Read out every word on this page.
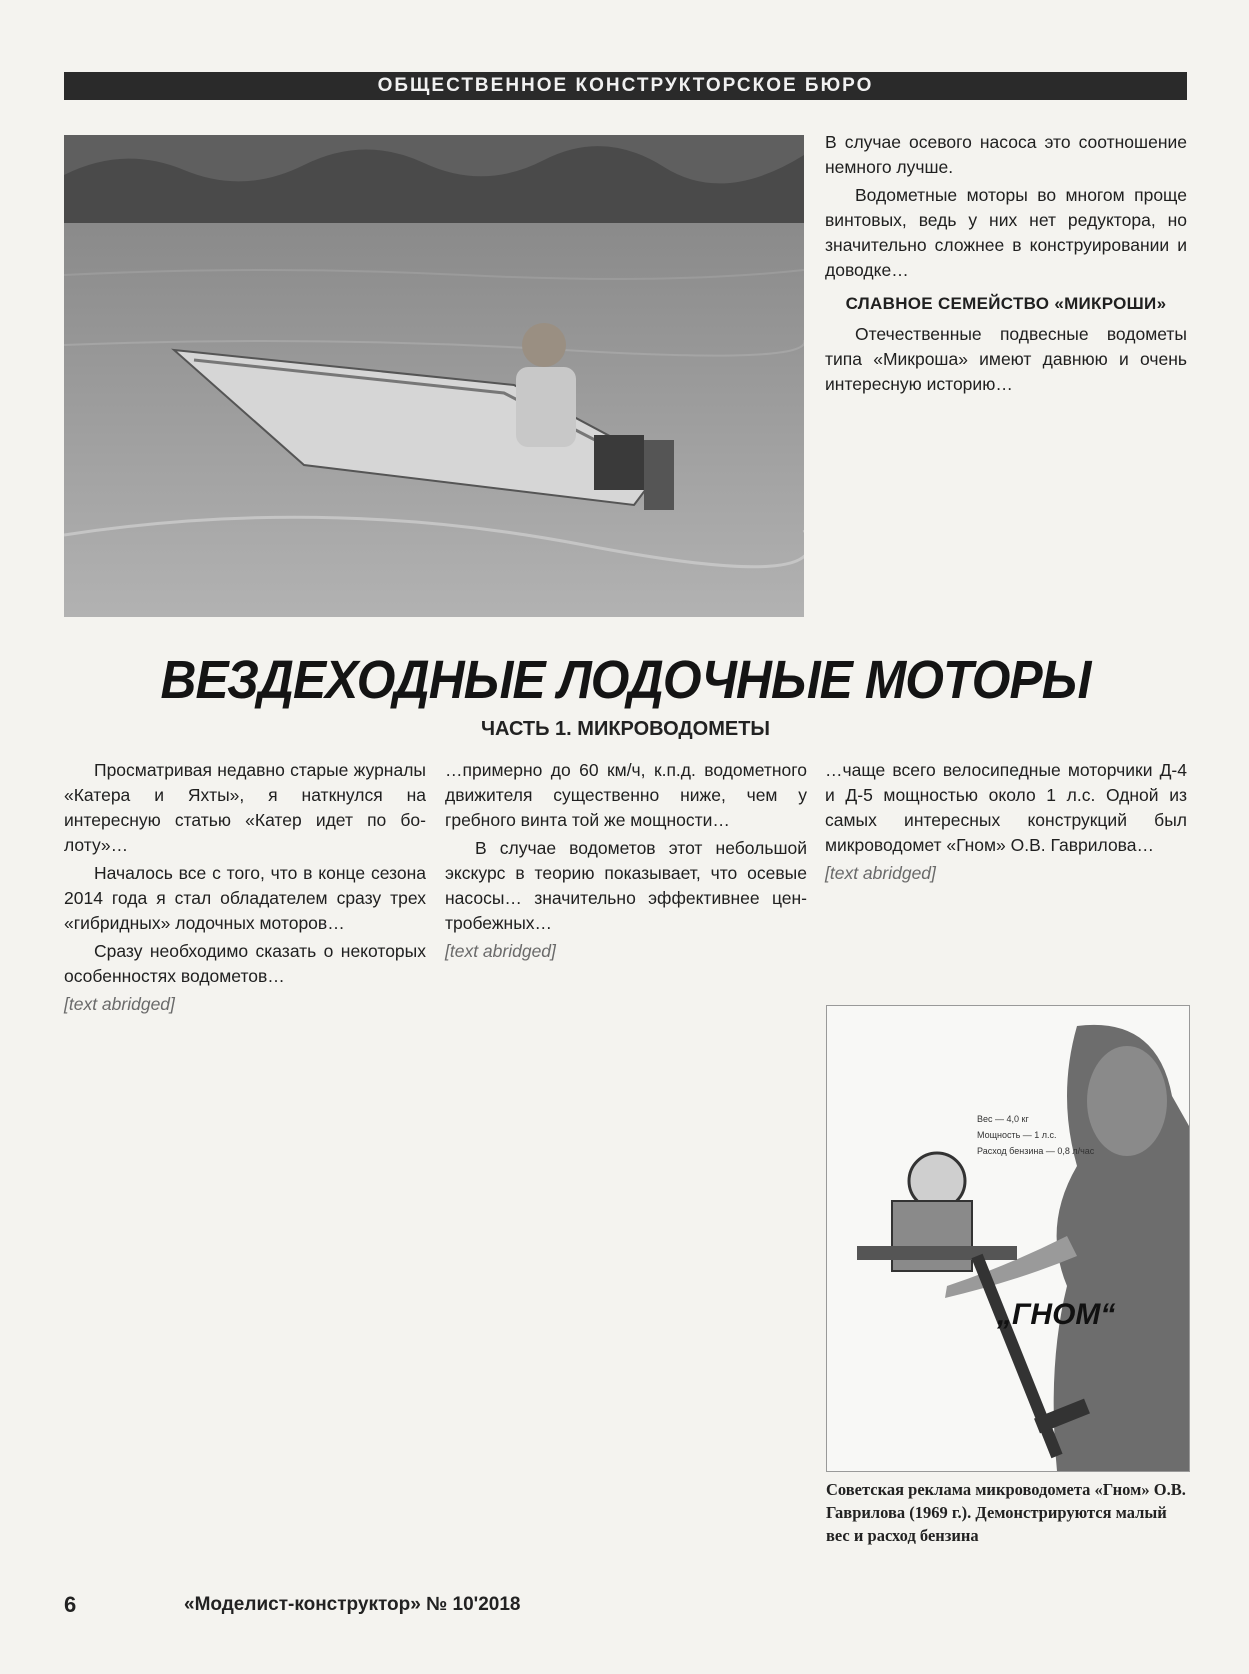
ОБЩЕСТВЕННОЕ КОНСТРУКТОРСКОЕ БЮРО

В случае осевого насоса это соотношение немного лучше.

Водометные моторы во многом проще винтовых, ведь у них нет редуктора, но значительно сложнее в конструировании и доводке…

СЛАВНОЕ СЕМЕЙСТВО «МИКРОШИ»

Отечественные подвесные водометы типа «Микроша» имеют давнюю и очень интересную историю…

ВЕЗДЕХОДНЫЕ ЛОДОЧНЫЕ МОТОРЫ
ЧАСТЬ 1. МИКРОВОДОМЕТЫ

Просматривая недавно старые журналы «Катера и Яхты», я наткнулся на интересную статью «Катер идет по болоту»…

Началось все с того, что в конце сезона 2014 года я стал обладателем сразу трех «гибридных» лодочных моторов…

Сразу необходимо сказать о некоторых особенностях водометов…

[text abridged]

…примерно до 60 км/ч, к.п.д. водометного движителя существенно ниже, чем у гребного винта той же мощности…

В случае водометов этот небольшой экскурс в теорию показывает, что осевые насосы… значительно эффективнее центробежных…

[text abridged]

…чаще всего велосипедные моторчики Д-4 и Д-5 мощностью около 1 л.с. Одной из самых интересных конструкций был микроводомет «Гном» О.В. Гаврилова…

[text abridged]

Вес — 4,0 кг
Мощность — 1 л.с.
Расход бензина — 0,8 л/час
„ГНОМ“
Советская реклама микроводомета «Гном» О.В. Гаврилова (1969 г.). Демонстрируются малый вес и расход бензина
6	«Моделист-конструктор» № 10'2018
